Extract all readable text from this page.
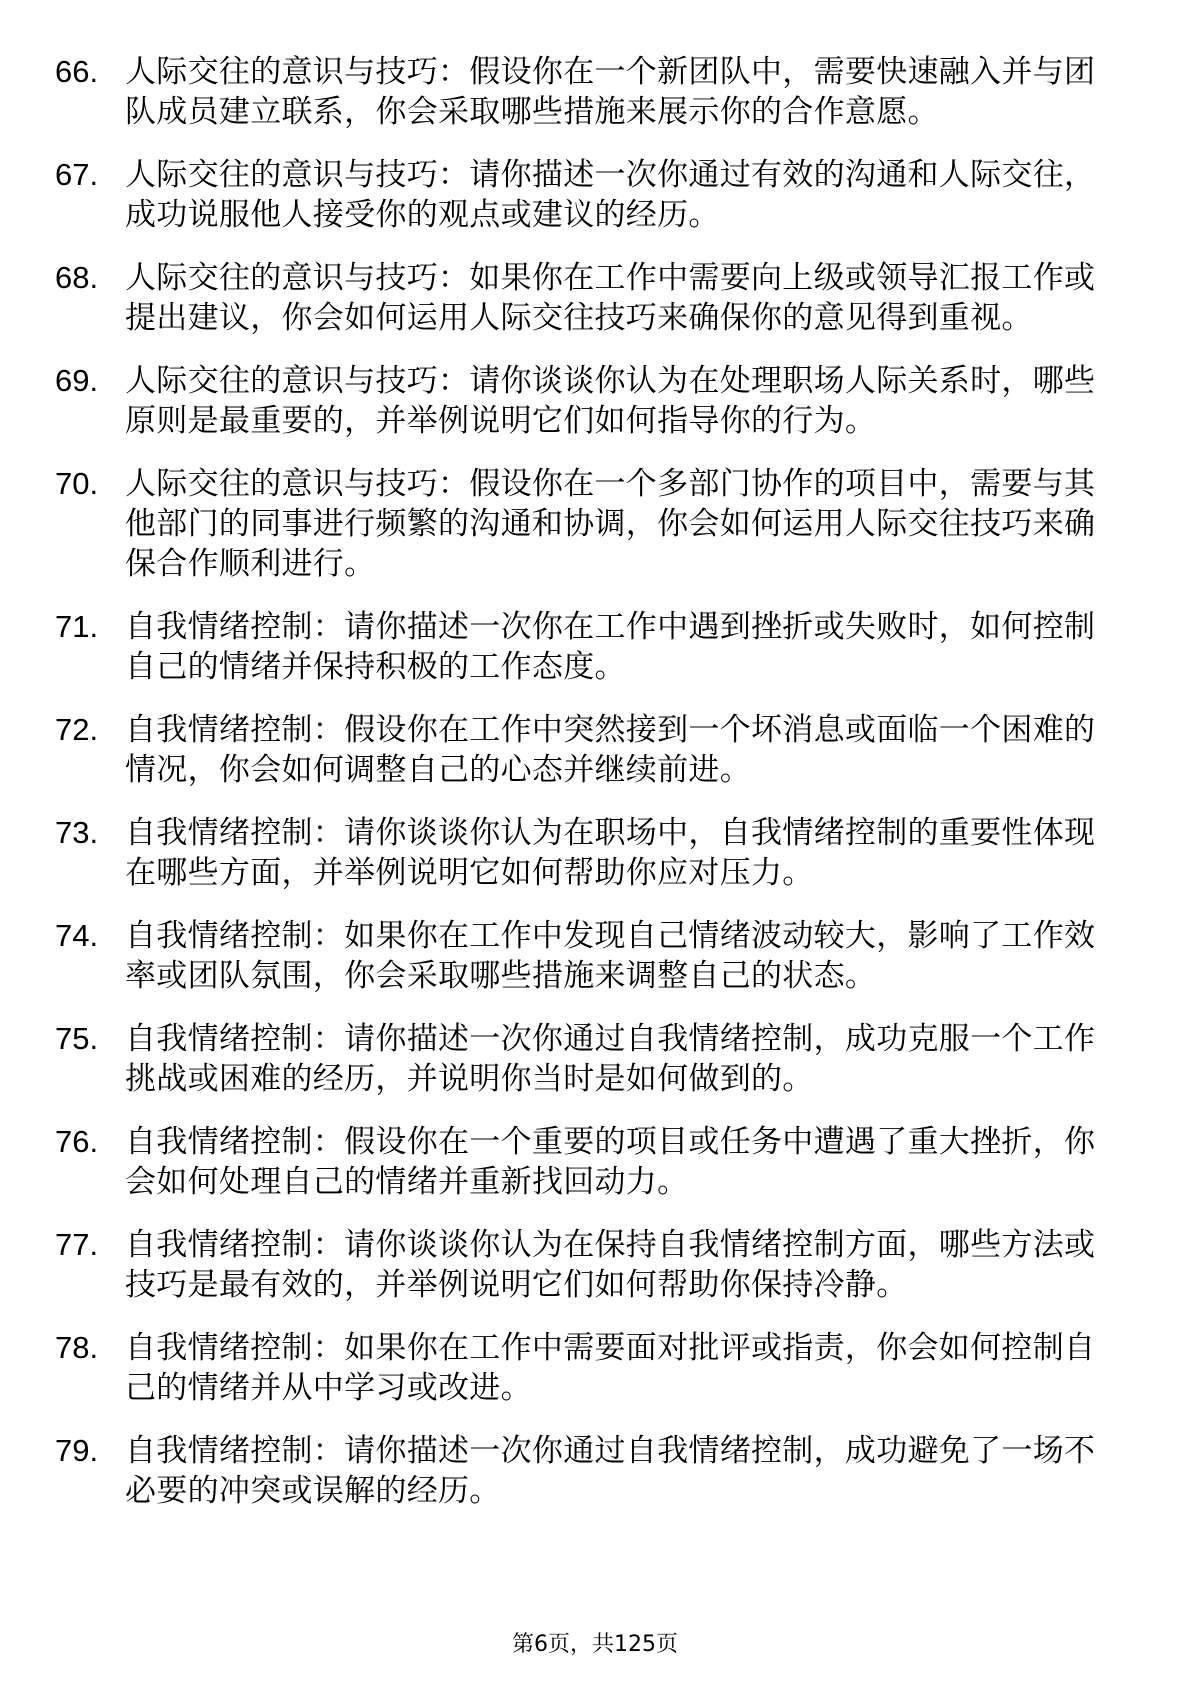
66. 人际交往的意识与技巧：假设你在一个新团队中，需要快速融入并与团队成员建立联系，你会采取哪些措施来展示你的合作意愿。
67. 人际交往的意识与技巧：请你描述一次你通过有效的沟通和人际交往，成功说服他人接受你的观点或建议的经历。
68. 人际交往的意识与技巧：如果你在工作中需要向上级或领导汇报工作或提出建议，你会如何运用人际交往技巧来确保你的意见得到重视。
69. 人际交往的意识与技巧：请你谈谈你认为在处理职场人际关系时，哪些原则是最重要的，并举例说明它们如何指导你的行为。
70. 人际交往的意识与技巧：假设你在一个多部门协作的项目中，需要与其他部门的同事进行频繁的沟通和协调，你会如何运用人际交往技巧来确保合作顺利进行。
71. 自我情绪控制：请你描述一次你在工作中遇到挫折或失败时，如何控制自己的情绪并保持积极的工作态度。
72. 自我情绪控制：假设你在工作中突然接到一个坏消息或面临一个困难的情况，你会如何调整自己的心态并继续前进。
73. 自我情绪控制：请你谈谈你认为在职场中，自我情绪控制的重要性体现在哪些方面，并举例说明它如何帮助你应对压力。
74. 自我情绪控制：如果你在工作中发现自己情绪波动较大，影响了工作效率或团队氛围，你会采取哪些措施来调整自己的状态。
75. 自我情绪控制：请你描述一次你通过自我情绪控制，成功克服一个工作挑战或困难的经历，并说明你当时是如何做到的。
76. 自我情绪控制：假设你在一个重要的项目或任务中遭遇了重大挫折，你会如何处理自己的情绪并重新找回动力。
77. 自我情绪控制：请你谈谈你认为在保持自我情绪控制方面，哪些方法或技巧是最有效的，并举例说明它们如何帮助你保持冷静。
78. 自我情绪控制：如果你在工作中需要面对批评或指责，你会如何控制自己的情绪并从中学习或改进。
79. 自我情绪控制：请你描述一次你通过自我情绪控制，成功避免了一场不必要的冲突或误解的经历。
第6页，共125页
